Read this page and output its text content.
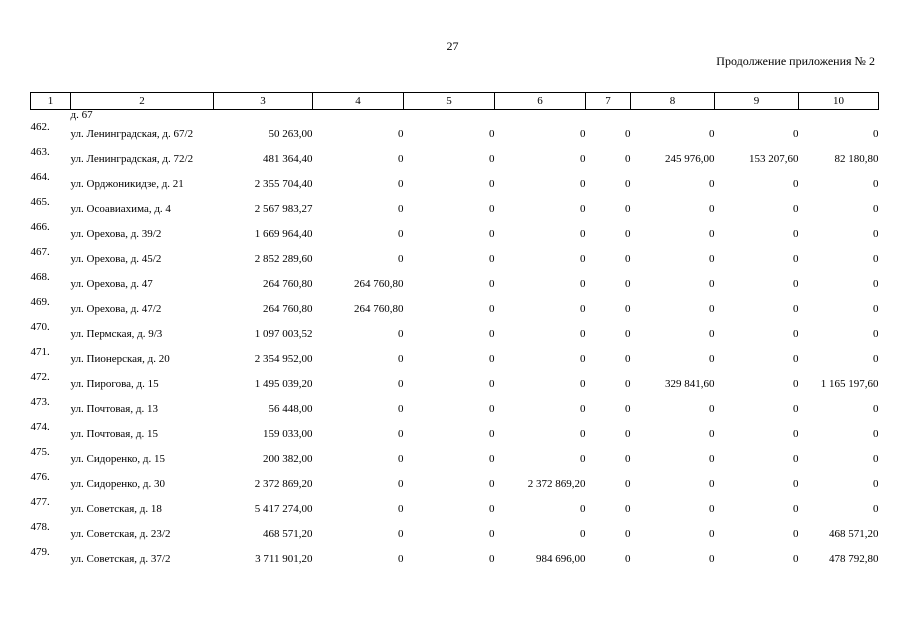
27
Продолжение приложения № 2
1	2	3	4	5	6	7	8	9	10
	д. 67								
462.	ул. Ленинградская, д. 67/2	50 263,00	0	0	0	0	0	0	0
463.	ул. Ленинградская, д. 72/2	481 364,40	0	0	0	0	245 976,00	153 207,60	82 180,80
464.	ул. Орджоникидзе, д. 21	2 355 704,40	0	0	0	0	0	0	0
465.	ул. Осоавиахима, д. 4	2 567 983,27	0	0	0	0	0	0	0
466.	ул. Орехова, д. 39/2	1 669 964,40	0	0	0	0	0	0	0
467.	ул. Орехова, д. 45/2	2 852 289,60	0	0	0	0	0	0	0
468.	ул. Орехова, д. 47	264 760,80	264 760,80	0	0	0	0	0	0
469.	ул. Орехова, д. 47/2	264 760,80	264 760,80	0	0	0	0	0	0
470.	ул. Пермская, д. 9/3	1 097 003,52	0	0	0	0	0	0	0
471.	ул. Пионерская, д. 20	2 354 952,00	0	0	0	0	0	0	0
472.	ул. Пирогова, д. 15	1 495 039,20	0	0	0	0	329 841,60	0	1 165 197,60
473.	ул. Почтовая, д. 13	56 448,00	0	0	0	0	0	0	0
474.	ул. Почтовая, д. 15	159 033,00	0	0	0	0	0	0	0
475.	ул. Сидоренко, д. 15	200 382,00	0	0	0	0	0	0	0
476.	ул. Сидоренко, д. 30	2 372 869,20	0	0	2 372 869,20	0	0	0	0
477.	ул. Советская, д. 18	5 417 274,00	0	0	0	0	0	0	0
478.	ул. Советская, д. 23/2	468 571,20	0	0	0	0	0	0	468 571,20
479.	ул. Советская, д. 37/2	3 711 901,20	0	0	984 696,00	0	0	0	478 792,80
